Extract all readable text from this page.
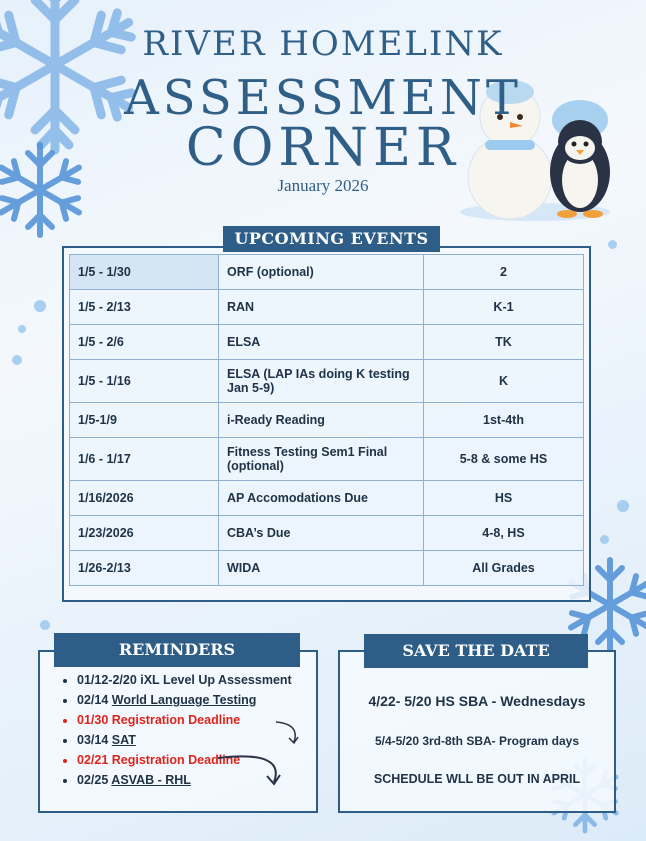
RIVER HOMELINK
ASSESSMENT
CORNER
January 2026
UPCOMING EVENTS
1/5 - 1/30	ORF (optional)	2
1/5 - 2/13	RAN	K-1
1/5 - 2/6	ELSA	TK
1/5 - 1/16	ELSA (LAP IAs doing K testing Jan 5-9)	K
1/5-1/9	i-Ready Reading	1st-4th
1/6 - 1/17	Fitness Testing Sem1 Final (optional)	5-8 & some HS
1/16/2026	AP Accomodations Due	HS
1/23/2026	CBA’s Due	4-8, HS
1/26-2/13	WIDA	All Grades
REMINDERS
• 01/12-2/20 iXL Level Up Assessment
• 02/14 World Language Testing
• 01/30 Registration Deadline
• 03/14 SAT
• 02/21 Registration Deadline
• 02/25 ASVAB - RHL
SAVE THE DATE
4/22- 5/20 HS SBA - Wednesdays
5/4-5/20 3rd-8th SBA- Program days
SCHEDULE WLL BE OUT IN APRIL
